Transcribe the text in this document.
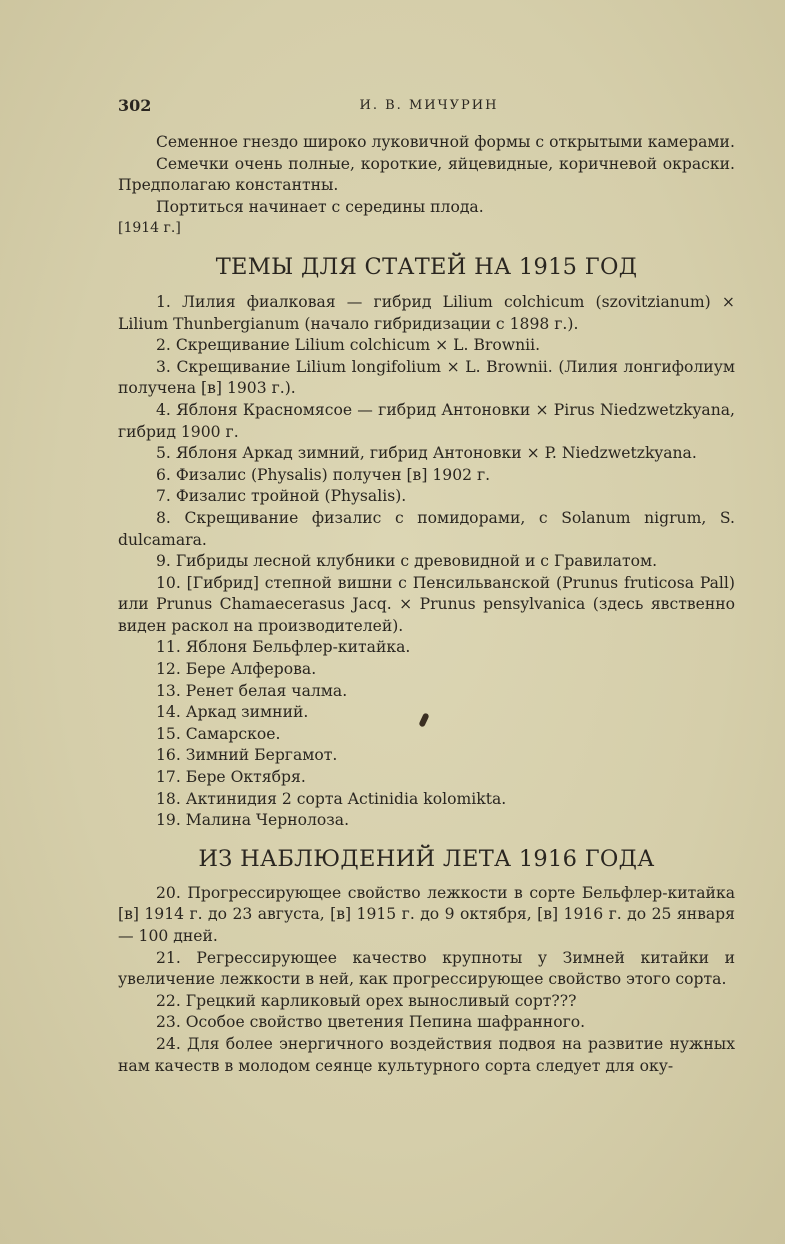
302	И. В. МИЧУРИН

Семенное гнездо широко луковичной формы с открытыми камерами.

Семечки очень полные, короткие, яйцевидные, коричневой окраски. Предполагаю константны.

Портиться начинает с середины плода.

[1914 г.]

ТЕМЫ ДЛЯ СТАТЕЙ НА 1915 ГОД

1. Лилия фиалковая — гибрид Lilium colchicum (szovitzianum) × Lilium Thunbergianum (начало гибридизации с 1898 г.).

2. Скрещивание Lilium colchicum × L. Brownii.

3. Скрещивание Lilium longifolium × L. Brownii. (Лилия лонгифолиум получена [в] 1903 г.).

4. Яблоня Красномясое — гибрид Антоновки × Pirus Niedzwetzkyana, гибрид 1900 г.

5. Яблоня Аркад зимний, гибрид Антоновки × P. Niedzwetzkyana.

6. Физалис (Physalis) получен [в] 1902 г.

7. Физалис тройной (Physalis).

8. Скрещивание физалис с помидорами, с Solanum nigrum, S. dulcamara.

9. Гибриды лесной клубники с древовидной и с Гравилатом.

10. [Гибрид] степной вишни с Пенсильванской (Prunus fruticosa Pall) или Prunus Chamaecerasus Jacq. × Prunus pensylvanica (здесь явственно виден раскол на производителей).

11. Яблоня Бельфлер-китайка.

12. Бере Алферова.

13. Ренет белая чалма.

14. Аркад зимний.

15. Самарское.

16. Зимний Бергамот.

17. Бере Октября.

18. Актинидия 2 сорта Actinidia kolomikta.

19. Малина Чернолоза.

ИЗ НАБЛЮДЕНИЙ ЛЕТА 1916 ГОДА

20. Прогрессирующее свойство лежкости в сорте Бельфлер-китайка [в] 1914 г. до 23 августа, [в] 1915 г. до 9 октября, [в] 1916 г. до 25 января — 100 дней.

21. Регрессирующее качество крупноты у Зимней китайки и увеличение лежкости в ней, как прогрессирующее свойство этого сорта.

22. Грецкий карликовый орех выносливый сорт???

23. Особое свойство цветения Пепина шафранного.

24. Для более энергичного воздействия подвоя на развитие нужных нам качеств в молодом сеянце культурного сорта следует для оку-
